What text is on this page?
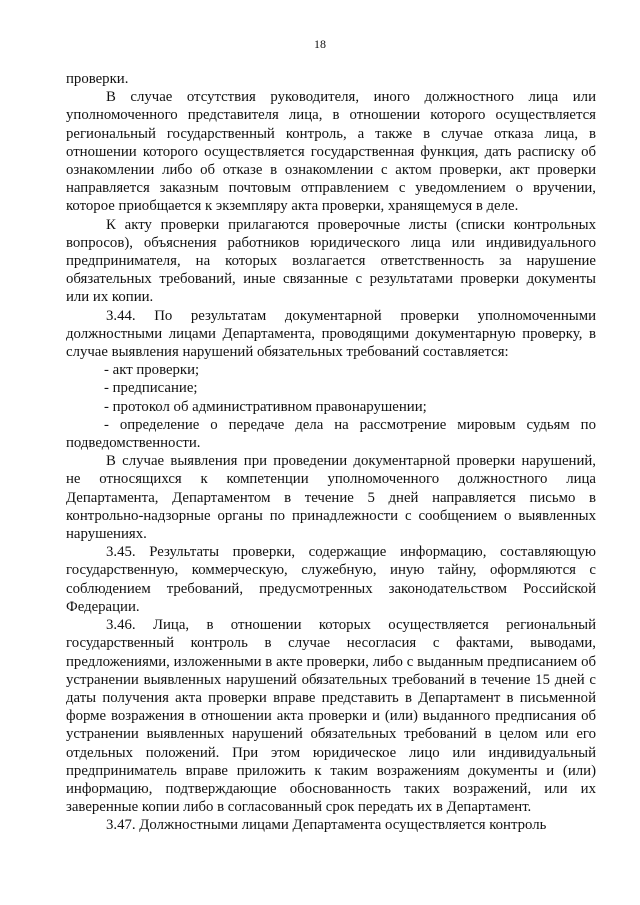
18

проверки.

В случае отсутствия руководителя, иного должностного лица или уполномоченного представителя лица, в отношении которого осуществляется региональный государственный контроль, а также в случае отказа лица, в отношении которого осуществляется государственная функция, дать расписку об ознакомлении либо об отказе в ознакомлении с актом проверки, акт проверки направляется заказным почтовым отправлением с уведомлением о вручении, которое приобщается к экземпляру акта проверки, хранящемуся в деле.

К акту проверки прилагаются проверочные листы (списки контрольных вопросов), объяснения работников юридического лица или индивидуального предпринимателя, на которых возлагается ответственность за нарушение обязательных требований, иные связанные с результатами проверки документы или их копии.

3.44. По результатам документарной проверки уполномоченными должностными лицами Департамента, проводящими документарную проверку, в случае выявления нарушений обязательных требований составляется:

- акт проверки;

- предписание;

- протокол об административном правонарушении;

- определение о передаче дела на рассмотрение мировым судьям по подведомственности.

В случае выявления при проведении документарной проверки нарушений, не относящихся к компетенции уполномоченного должностного лица Департамента, Департаментом в течение 5 дней направляется письмо в контрольно-надзорные органы по принадлежности с сообщением о выявленных нарушениях.

3.45. Результаты проверки, содержащие информацию, составляющую государственную, коммерческую, служебную, иную тайну, оформляются с соблюдением требований, предусмотренных законодательством Российской Федерации.

3.46. Лица, в отношении которых осуществляется региональный государственный контроль в случае несогласия с фактами, выводами, предложениями, изложенными в акте проверки, либо с выданным предписанием об устранении выявленных нарушений обязательных требований в течение 15 дней с даты получения акта проверки вправе представить в Департамент в письменной форме возражения в отношении акта проверки и (или) выданного предписания об устранении выявленных нарушений обязательных требований в целом или его отдельных положений. При этом юридическое лицо или индивидуальный предприниматель вправе приложить к таким возражениям документы и (или) информацию, подтверждающие обоснованность таких возражений, или их заверенные копии либо в согласованный срок передать их в Департамент.

3.47. Должностными лицами Департамента осуществляется контроль
